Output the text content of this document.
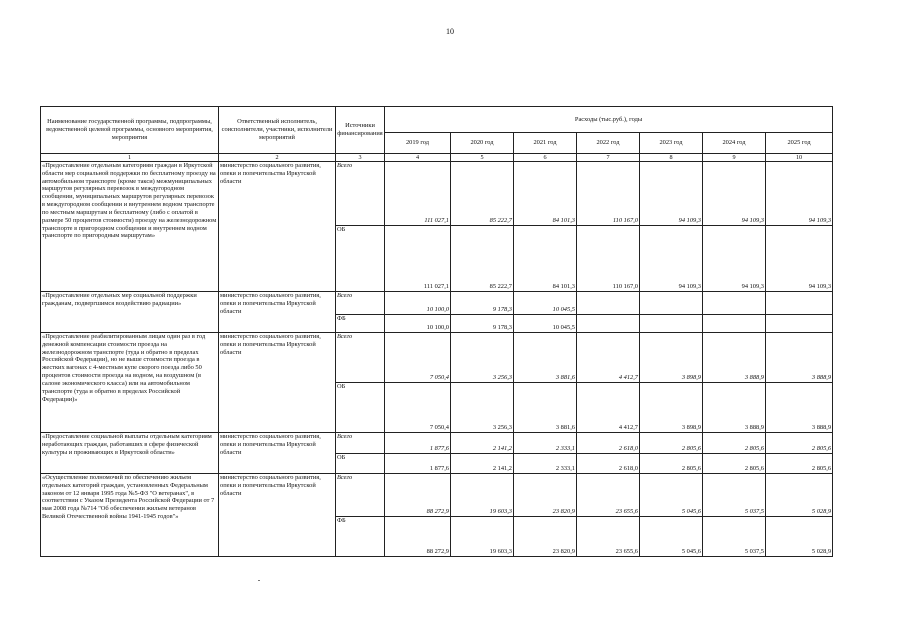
10
Наименование государственной программы, подпрограммы, ведомственной целевой программы, основного мероприятия, мероприятия	Ответственный исполнитель, соисполнители, участники, исполнители мероприятий	Источники финансирования	Расходы (тыс.руб.), годы						
			2019 год	2020 год	2021 год	2022 год	2023 год	2024 год	2025 год
1	2	3	4	5	6	7	8	9	10
«Предоставление отдельным категориям граждан в Иркутской области мер социальной поддержки по бесплатному проезду на автомобильном транспорте (кроме такси) межмуниципальных маршрутов регулярных перевозок в междугородном сообщении, муниципальных маршрутов регулярных перевозок в междугородном сообщении и внутреннем водном транспорте по местным маршрутам и бесплатному (либо с оплатой в размере 50 процентов стоимости) проезду на железнодорожном транспорте в пригородном сообщении и внутреннем водном транспорте по пригородным маршрутам»	министерство социального развития, опеки и попечительства Иркутской области	Всего	111 027,1	85 222,7	84 101,3	110 167,0	94 109,3	94 109,3	94 109,3
		ОБ	111 027,1	85 222,7	84 101,3	110 167,0	94 109,3	94 109,3	94 109,3
«Предоставление отдельных мер социальной поддержки гражданам, подвергшимся воздействию радиации»	министерство социального развития, опеки и попечительства Иркутской области	Всего	10 100,0	9 178,3	10 045,5				
		ФБ	10 100,0	9 178,3	10 045,5				
«Предоставление реабилитированным лицам один раз в год денежной компенсации стоимости проезда на железнодорожном транспорте (туда и обратно в пределах Российской Федерации), но не выше стоимости проезда в жестких вагонах с 4-местным купе скорого поезда либо 50 процентов стоимости проезда на водном, на воздушном (в салоне экономического класса) или на автомобильном транспорте (туда и обратно в пределах Российской Федерации)»	министерство социального развития, опеки и попечительства Иркутской области	Всего	7 050,4	3 256,3	3 881,6	4 412,7	3 898,9	3 888,9	3 888,9
		ОБ	7 050,4	3 256,3	3 881,6	4 412,7	3 898,9	3 888,9	3 888,9
«Предоставление социальной выплаты отдельным категориям неработающих граждан, работавших в сфере физической культуры и проживающих в Иркутской области»	министерство социального развития, опеки и попечительства Иркутской области	Всего	1 877,6	2 141,2	2 333,1	2 618,0	2 805,6	2 805,6	2 805,6
		ОБ	1 877,6	2 141,2	2 333,1	2 618,0	2 805,6	2 805,6	2 805,6
«Осуществление полномочий по обеспечению жильем отдельных категорий граждан, установленных Федеральным законом от 12 января 1995 года №5-ФЗ "О ветеранах", в соответствии с Указом Президента Российской Федерации от 7 мая 2008 года №714 "Об обеспечении жильем ветеранов Великой Отечественной войны 1941-1945 годов"»	министерство социального развития, опеки и попечительства Иркутской области	Всего	88 272,9	19 603,3	23 820,9	23 655,6	5 045,6	5 037,5	5 028,9
		ФБ	88 272,9	19 603,3	23 820,9	23 655,6	5 045,6	5 037,5	5 028,9
